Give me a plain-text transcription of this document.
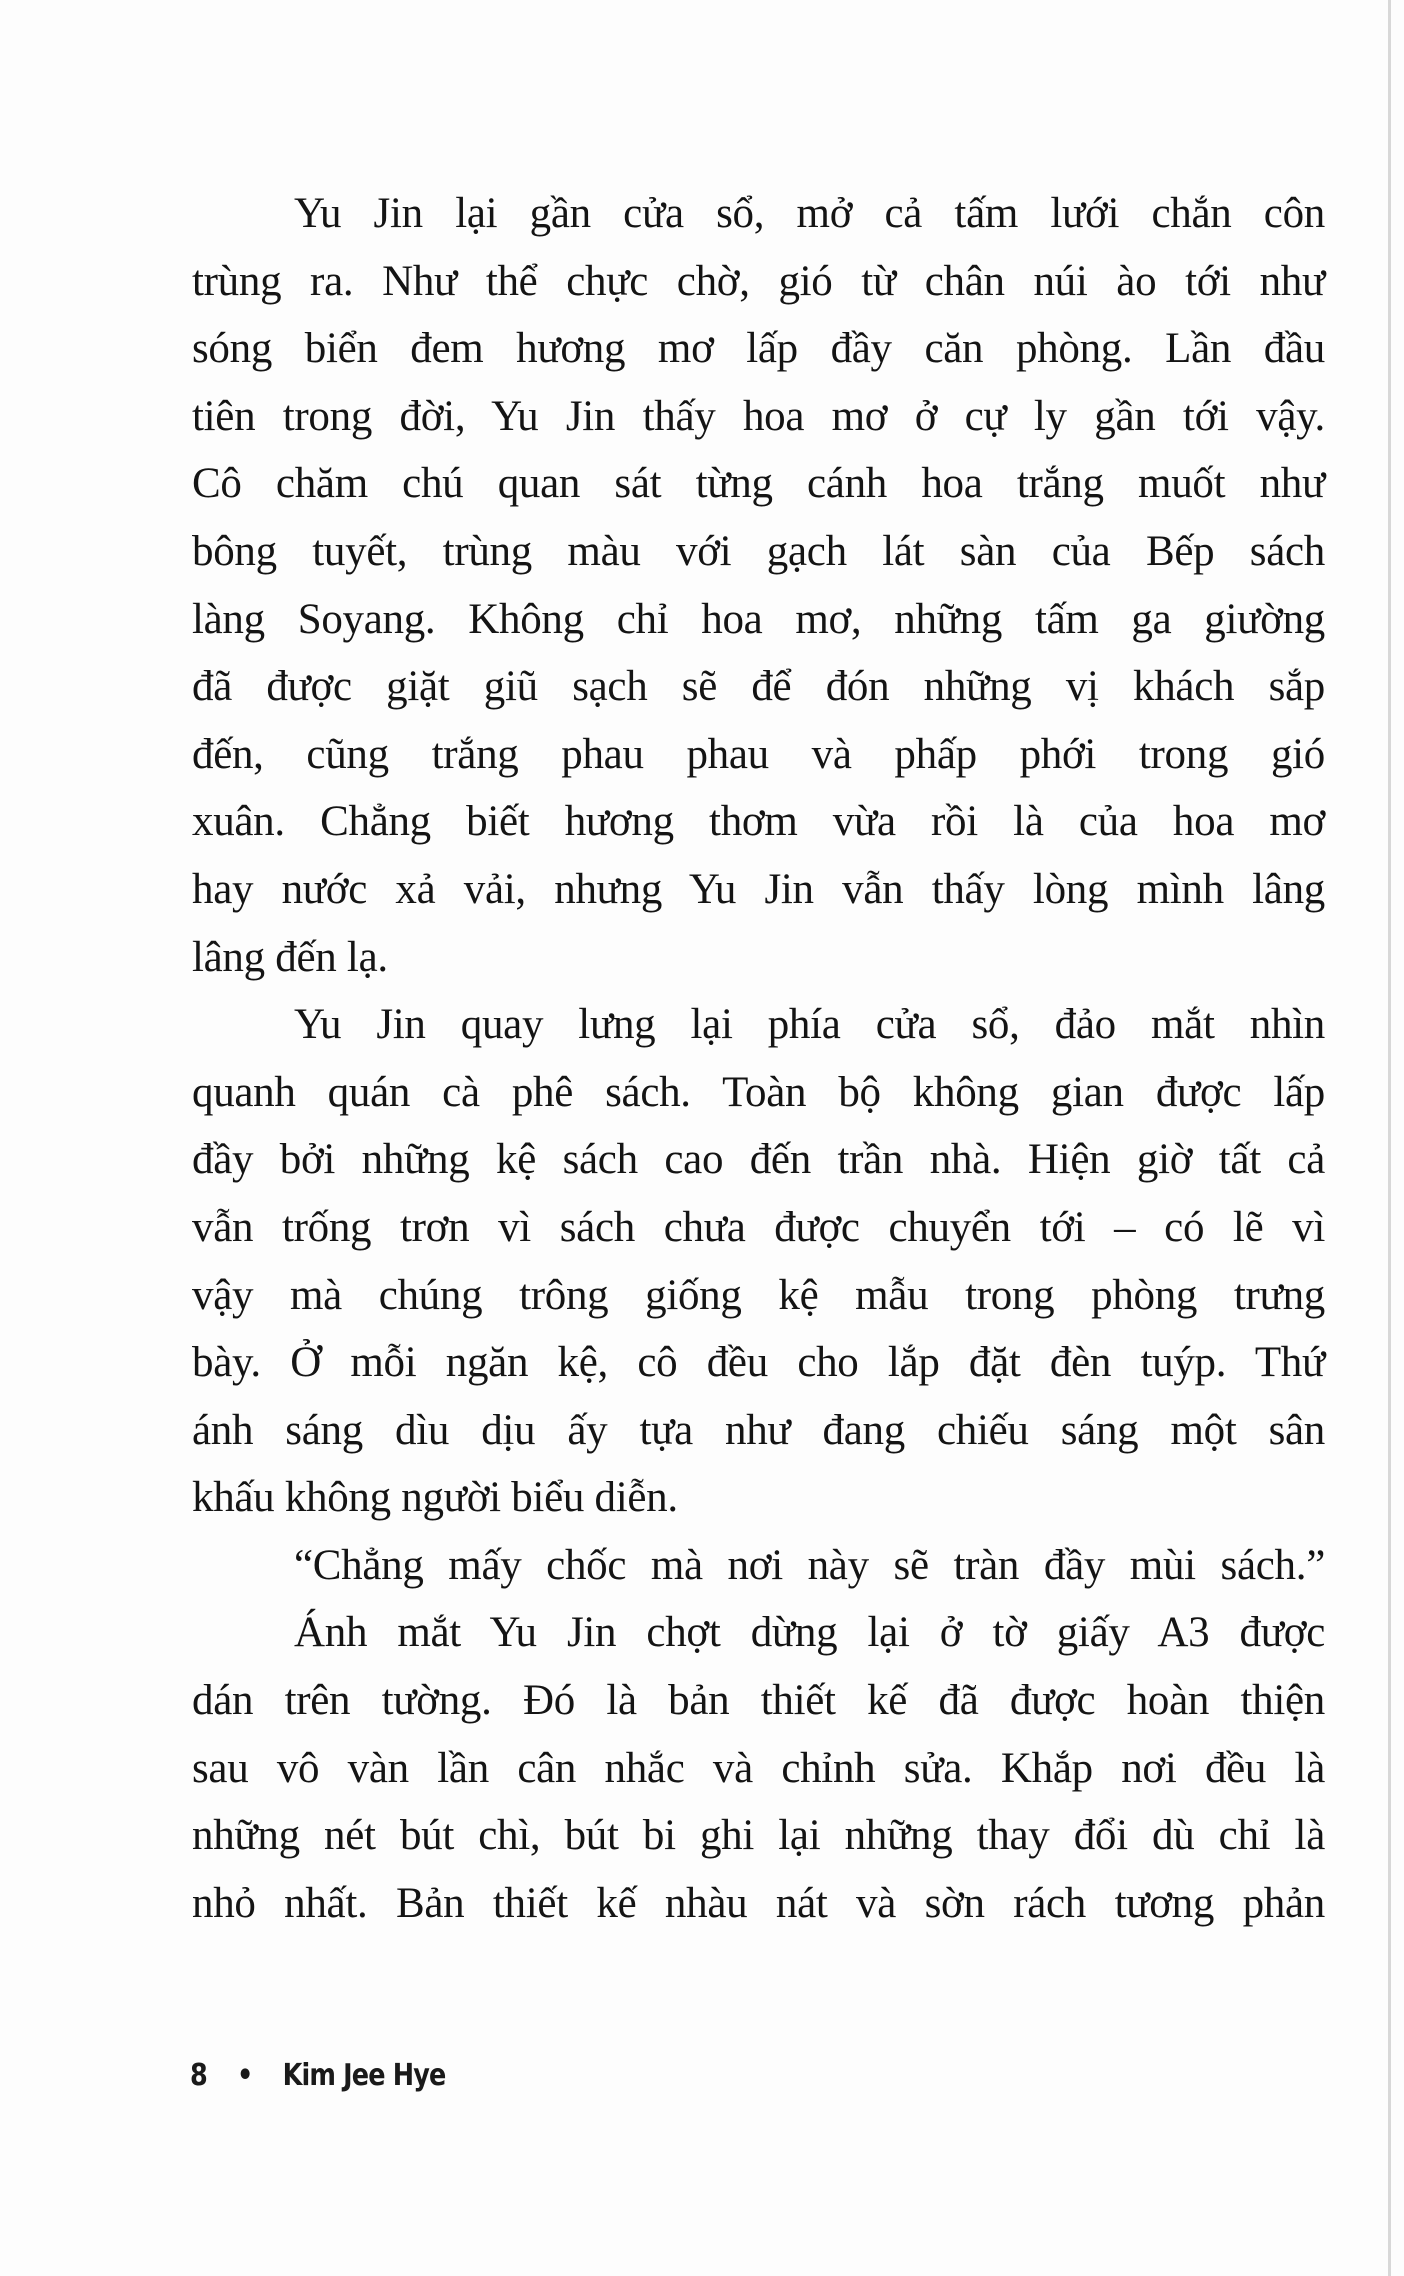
Yu Jin lại gần cửa sổ, mở cả tấm lưới chắn côn
trùng ra. Như thể chực chờ, gió từ chân núi ào tới như
sóng biển đem hương mơ lấp đầy căn phòng. Lần đầu
tiên trong đời, Yu Jin thấy hoa mơ ở cự ly gần tới vậy.
Cô chăm chú quan sát từng cánh hoa trắng muốt như
bông tuyết, trùng màu với gạch lát sàn của Bếp sách
làng Soyang. Không chỉ hoa mơ, những tấm ga giường
đã được giặt giũ sạch sẽ để đón những vị khách sắp
đến, cũng trắng phau phau và phấp phới trong gió
xuân. Chẳng biết hương thơm vừa rồi là của hoa mơ
hay nước xả vải, nhưng Yu Jin vẫn thấy lòng mình lâng
lâng đến lạ.
Yu Jin quay lưng lại phía cửa sổ, đảo mắt nhìn
quanh quán cà phê sách. Toàn bộ không gian được lấp
đầy bởi những kệ sách cao đến trần nhà. Hiện giờ tất cả
vẫn trống trơn vì sách chưa được chuyển tới – có lẽ vì
vậy mà chúng trông giống kệ mẫu trong phòng trưng
bày. Ở mỗi ngăn kệ, cô đều cho lắp đặt đèn tuýp. Thứ
ánh sáng dìu dịu ấy tựa như đang chiếu sáng một sân
khấu không người biểu diễn.
“Chẳng mấy chốc mà nơi này sẽ tràn đầy mùi sách.”
Ánh mắt Yu Jin chợt dừng lại ở tờ giấy A3 được
dán trên tường. Đó là bản thiết kế đã được hoàn thiện
sau vô vàn lần cân nhắc và chỉnh sửa. Khắp nơi đều là
những nét bút chì, bút bi ghi lại những thay đổi dù chỉ là
nhỏ nhất. Bản thiết kế nhàu nát và sờn rách tương phản
8 • Kim Jee Hye
